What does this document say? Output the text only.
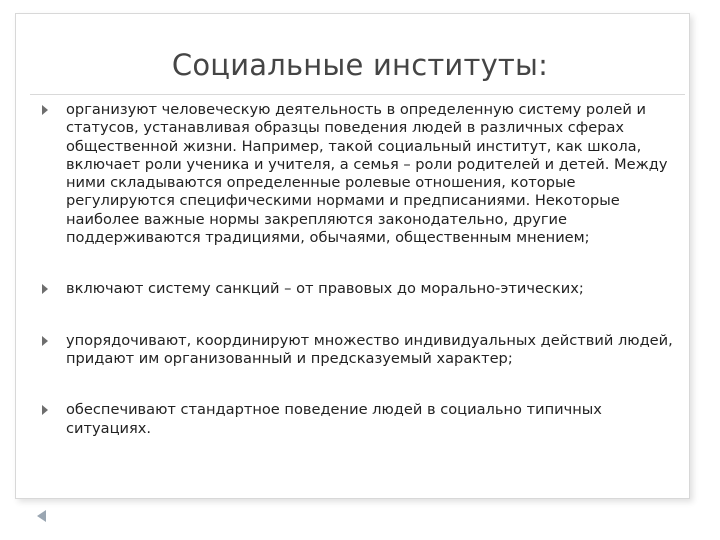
Социальные институты:
организуют человеческую деятельность в определенную систему ролей и статусов, устанавливая образцы поведения людей в различных сферах общественной жизни. Например, такой социальный институт, как школа, включает роли ученика и учителя, а семья – роли родителей и детей. Между ними складываются определенные ролевые отношения, которые регулируются специфическими нормами и предписаниями. Некоторые наиболее важные нормы закрепляются законодательно, другие поддерживаются традициями, обычаями, общественным мнением;
включают систему санкций – от правовых до морально-этических;
упорядочивают, координируют множество индивидуальных действий людей, придают им организованный и предсказуемый характер;
обеспечивают стандартное поведение людей в социально типичных ситуациях.
